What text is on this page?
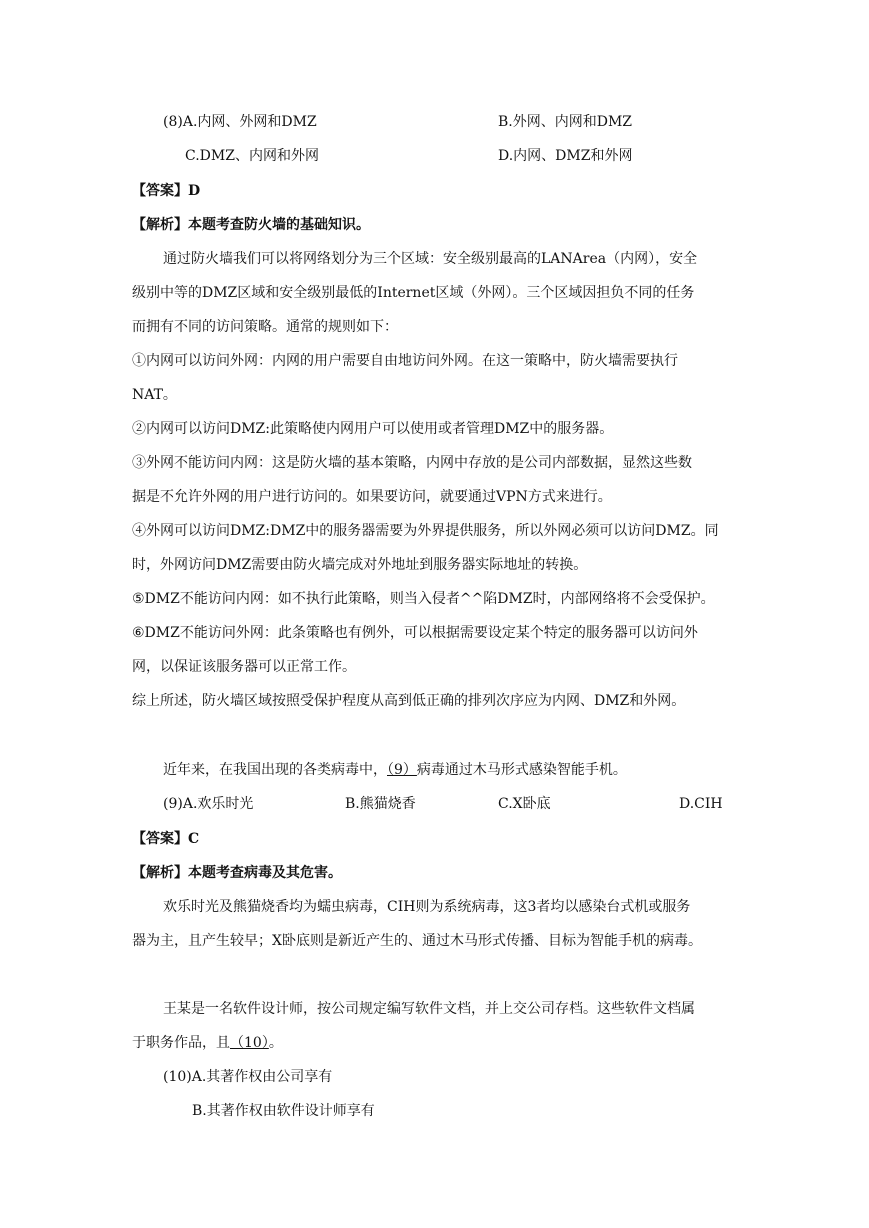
(8)A.内网、外网和DMZ	B.外网、内网和DMZ
C.DMZ、内网和外网	D.内网、DMZ和外网
【答案】D
【解析】本题考查防火墙的基础知识。
通过防火墙我们可以将网络划分为三个区域：安全级别最高的LANArea（内网），安全
级别中等的DMZ区域和安全级别最低的Internet区域（外网）。三个区域因担负不同的任务
而拥有不同的访问策略。通常的规则如下：
①内网可以访问外网：内网的用户需要自由地访问外网。在这一策略中，防火墙需要执行
NAT。
②内网可以访问DMZ:此策略使内网用户可以使用或者管理DMZ中的服务器。
③外网不能访问内网：这是防火墙的基本策略，内网中存放的是公司内部数据，显然这些数
据是不允许外网的用户进行访问的。如果要访问，就要通过VPN方式来进行。
④外网可以访问DMZ:DMZ中的服务器需要为外界提供服务，所以外网必须可以访问DMZ。同
时，外网访问DMZ需要由防火墙完成对外地址到服务器实际地址的转换。
⑤DMZ不能访问内网：如不执行此策略，则当入侵者^^陷DMZ时，内部网络将不会受保护。
⑥DMZ不能访问外网：此条策略也有例外，可以根据需要设定某个特定的服务器可以访问外
网，以保证该服务器可以正常工作。
综上所述，防火墙区域按照受保护程度从高到低正确的排列次序应为内网、DMZ和外网。
近年来，在我国出现的各类病毒中，（9）病毒通过木马形式感染智能手机。
(9)A.欢乐时光	B.熊猫烧香	C.X卧底	D.CIH
【答案】C
【解析】本题考查病毒及其危害。
欢乐时光及熊猫烧香均为蠕虫病毒，CIH则为系统病毒，这3者均以感染台式机或服务
器为主，且产生较早；X卧底则是新近产生的、通过木马形式传播、目标为智能手机的病毒。
王某是一名软件设计师，按公司规定编写软件文档，并上交公司存档。这些软件文档属
于职务作品，且（10）。
(10)A.其著作权由公司享有
B.其著作权由软件设计师享有
